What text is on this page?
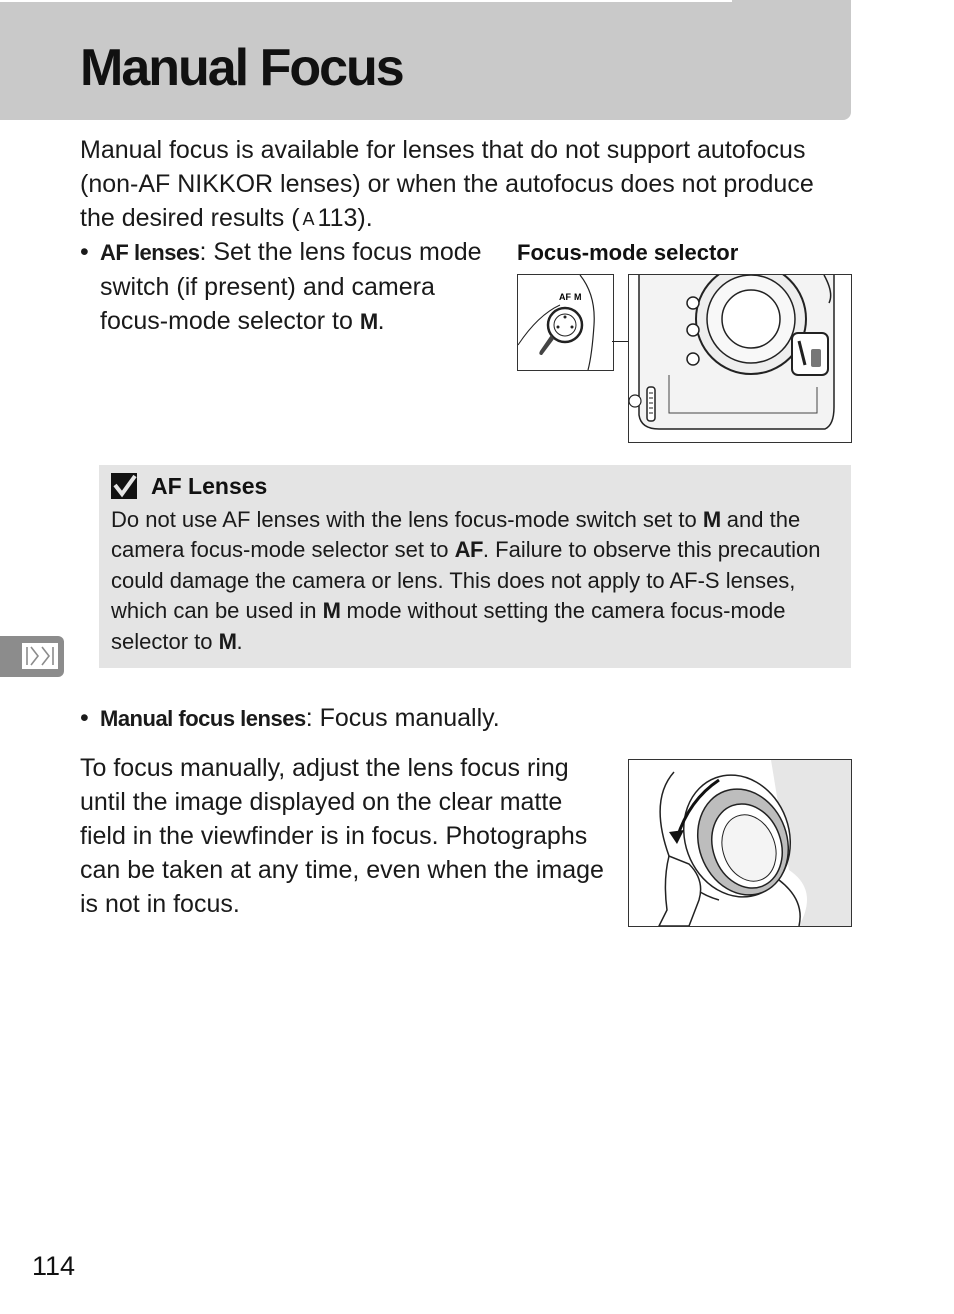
Manual Focus

Manual focus is available for lenses that do not support autofocus (non-AF NIKKOR lenses) or when the autofocus does not produce the desired results ( Α 113).

• AF lenses: Set the lens focus mode switch (if present) and camera focus-mode selector to M.

Focus-mode selector

AF M

AF Lenses

Do not use AF lenses with the lens focus-mode switch set to M and the camera focus-mode selector set to AF. Failure to observe this precaution could damage the camera or lens. This does not apply to AF-S lenses, which can be used in M mode without setting the camera focus-mode selector to M.

• Manual focus lenses: Focus manually.

To focus manually, adjust the lens focus ring until the image displayed on the clear matte field in the viewfinder is in focus. Photographs can be taken at any time, even when the image is not in focus.

114
